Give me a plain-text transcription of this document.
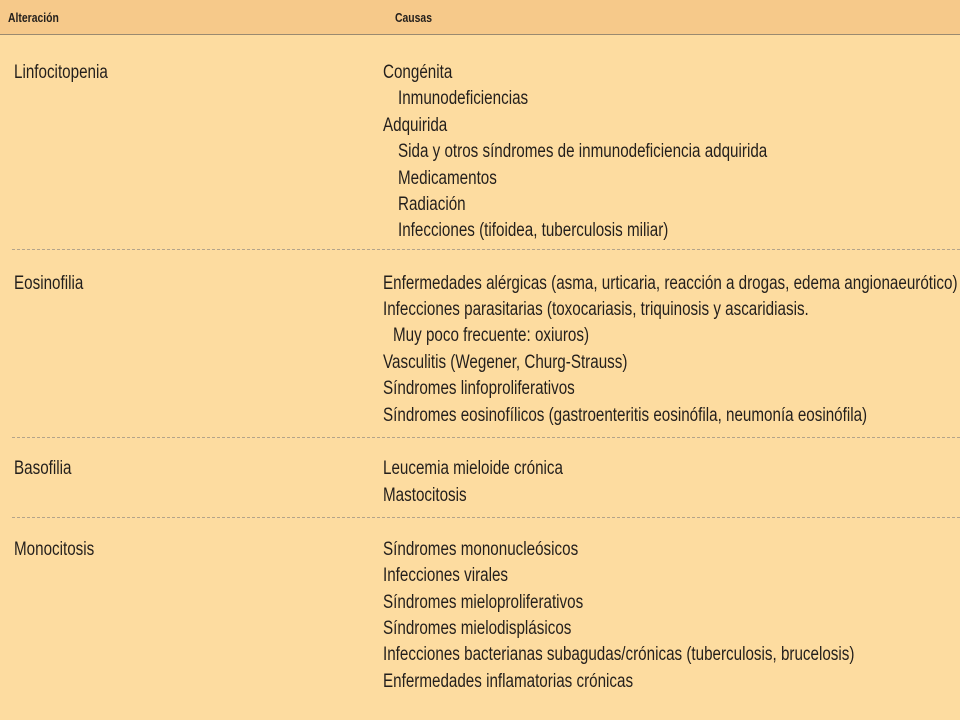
Alteración	Causas
Linfocitopenia	Congénita
Inmunodeficiencias
Adquirida
Sida y otros síndromes de inmunodeficiencia adquirida
Medicamentos
Radiación
Infecciones (tifoidea, tuberculosis miliar)
Eosinofilia	Enfermedades alérgicas (asma, urticaria, reacción a drogas, edema angionaeurótico)
Infecciones parasitarias (toxocariasis, triquinosis y ascaridiasis.
Muy poco frecuente: oxiuros)
Vasculitis (Wegener, Churg-Strauss)
Síndromes linfoproliferativos
Síndromes eosinofílicos (gastroenteritis eosinófila, neumonía eosinófila)
Basofilia	Leucemia mieloide crónica
Mastocitosis
Monocitosis	Síndromes mononucleósicos
Infecciones virales
Síndromes mieloproliferativos
Síndromes mielodisplásicos
Infecciones bacterianas subagudas/crónicas (tuberculosis, brucelosis)
Enfermedades inflamatorias crónicas
